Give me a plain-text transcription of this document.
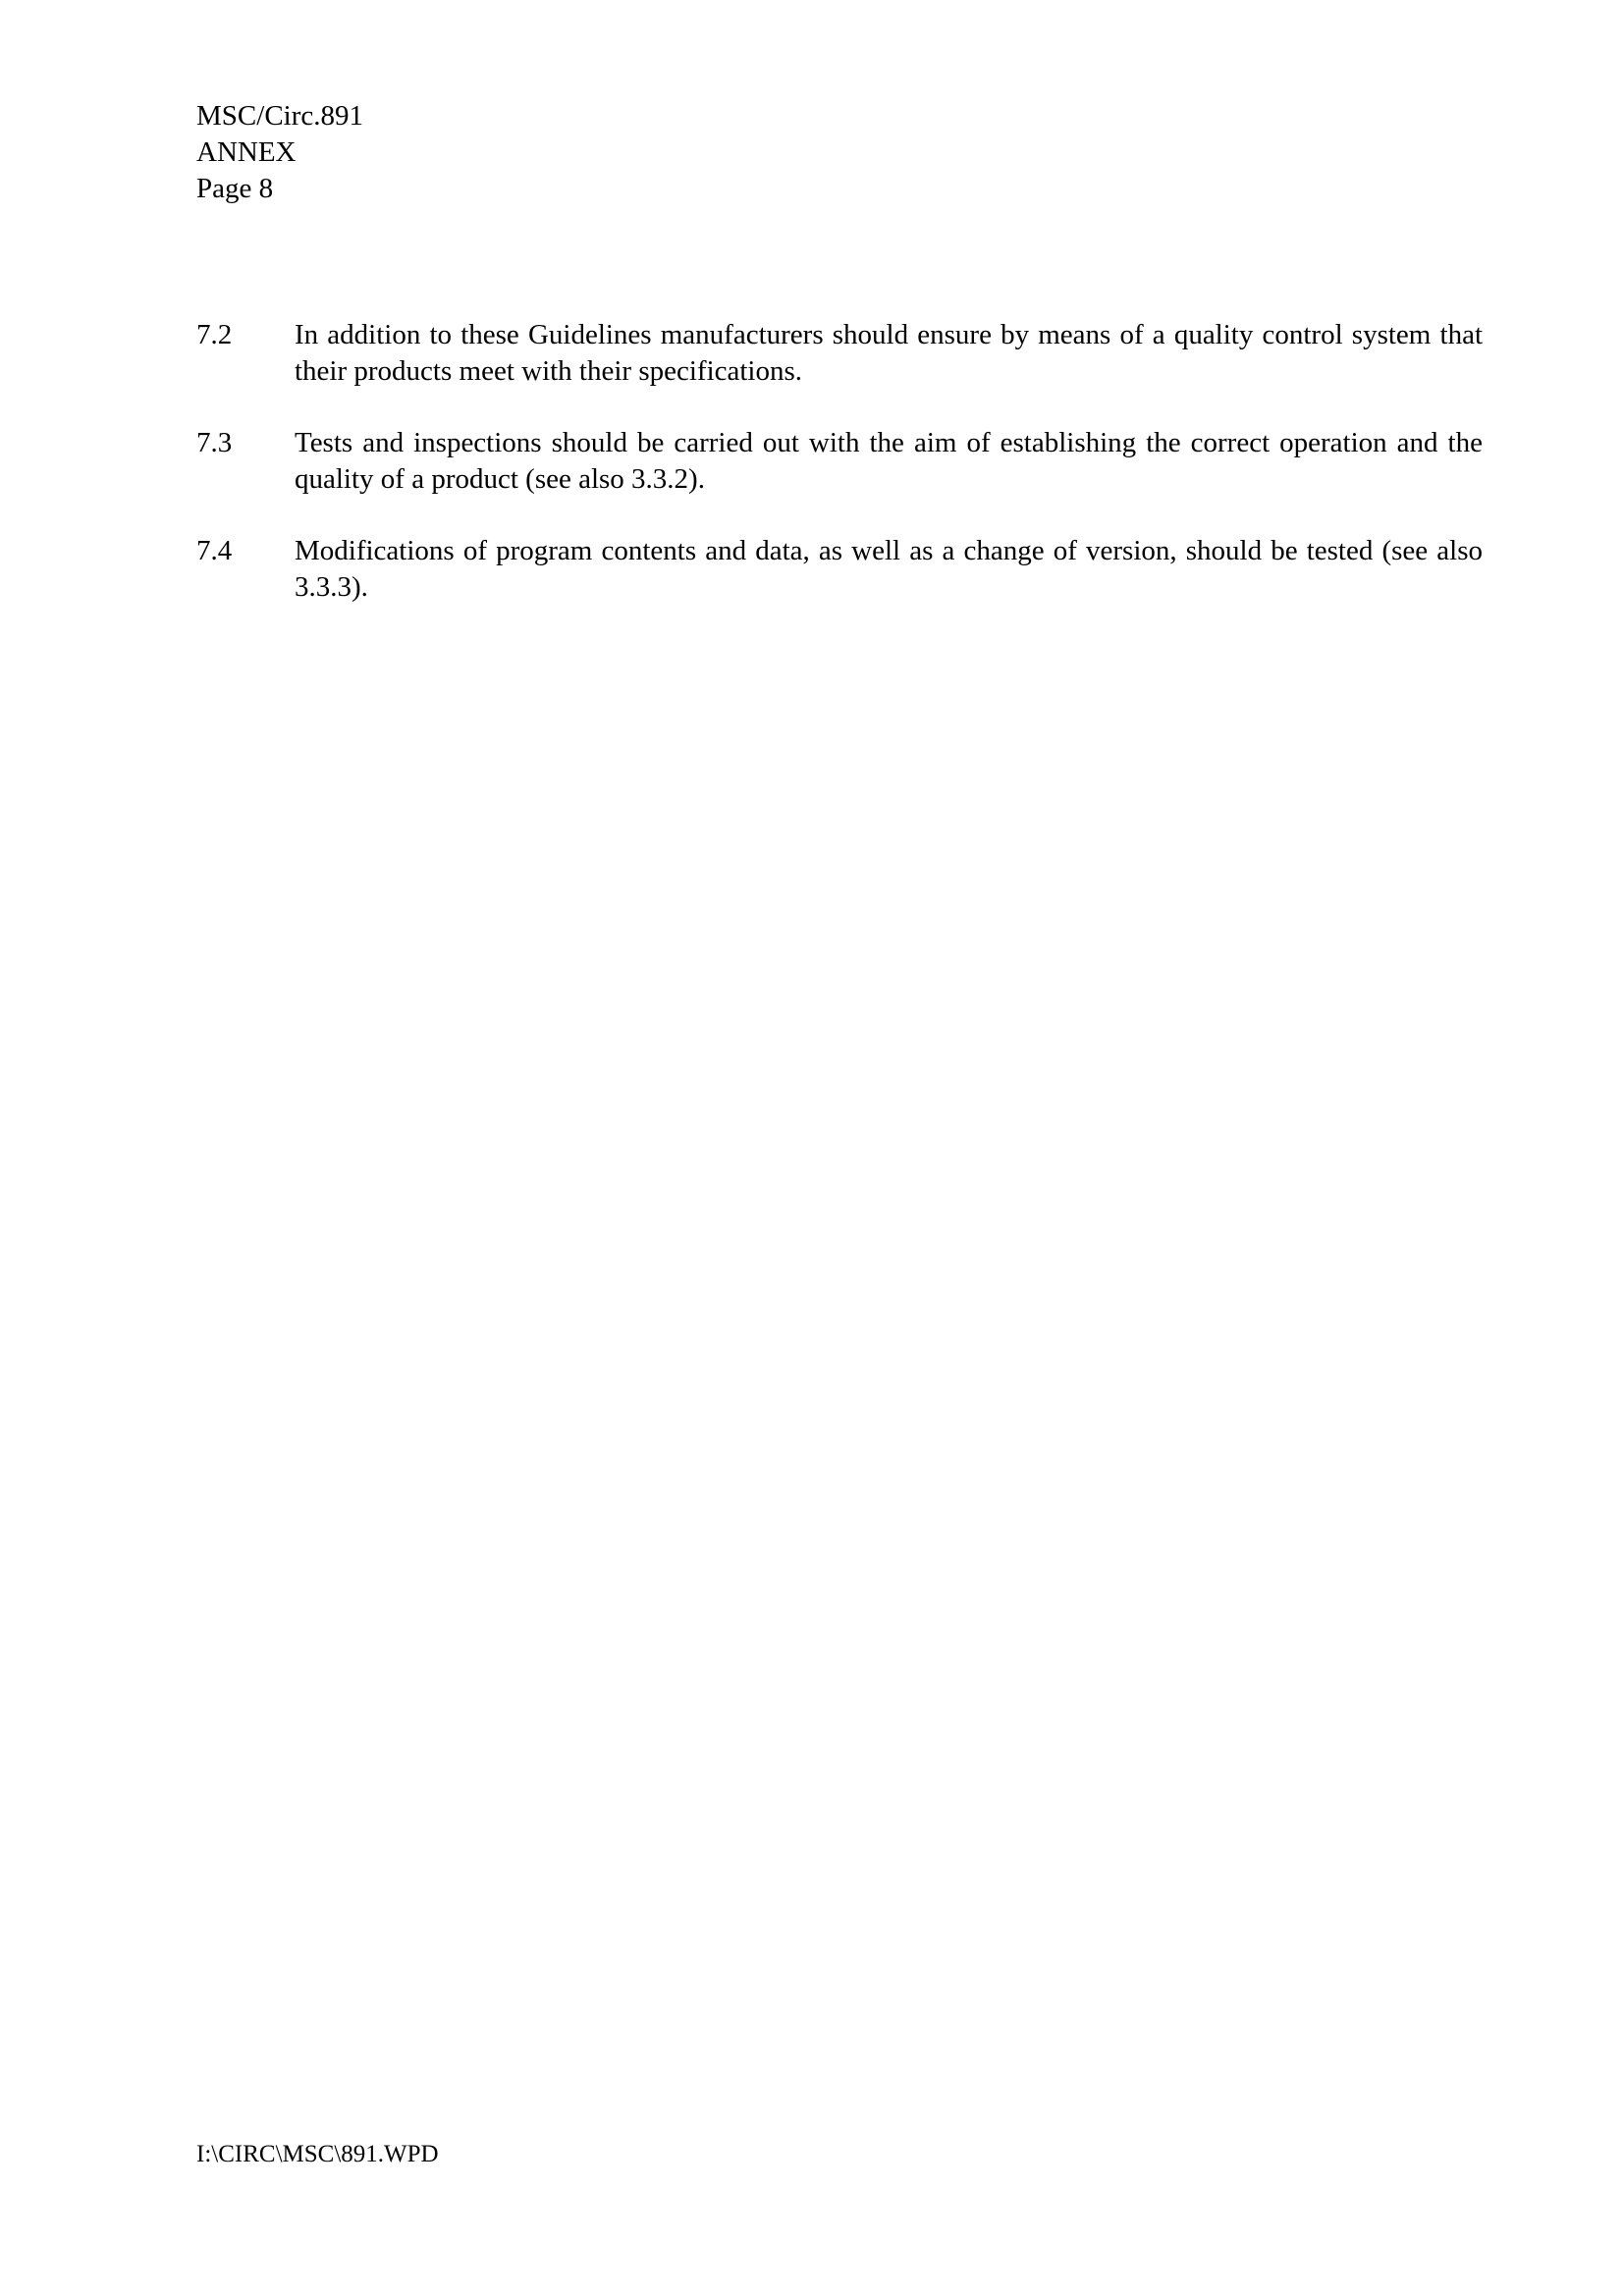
MSC/Circ.891
ANNEX
Page 8
7.2	In addition to these Guidelines manufacturers should ensure by means of a quality control system that their products meet with their specifications.
7.3	Tests and inspections should be carried out with the aim of establishing the correct operation and the quality of a product (see also 3.3.2).
7.4	Modifications of program contents and data, as well as a change of version, should be tested (see also 3.3.3).
I:\CIRC\MSC\891.WPD
